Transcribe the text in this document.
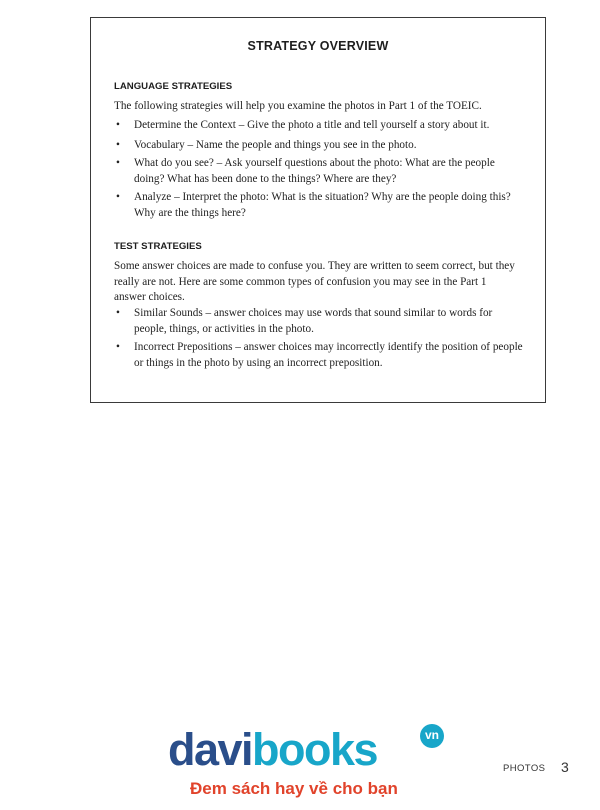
STRATEGY OVERVIEW
LANGUAGE STRATEGIES
The following strategies will help you examine the photos in Part 1 of the TOEIC.
• Determine the Context – Give the photo a title and tell yourself a story about it.
• Vocabulary – Name the people and things you see in the photo.
• What do you see? – Ask yourself questions about the photo: What are the people doing? What has been done to the things? Where are they?
• Analyze – Interpret the photo: What is the situation? Why are the people doing this? Why are the things here?
TEST STRATEGIES
Some answer choices are made to confuse you. They are written to seem correct, but they really are not. Here are some common types of confusion you may see in the Part 1 answer choices.
• Similar Sounds – answer choices may use words that sound similar to words for people, things, or activities in the photo.
• Incorrect Prepositions – answer choices may incorrectly identify the position of people or things in the photo by using an incorrect preposition.
davibooks	vn
Đem sách hay về cho bạn
PHOTOS 3
